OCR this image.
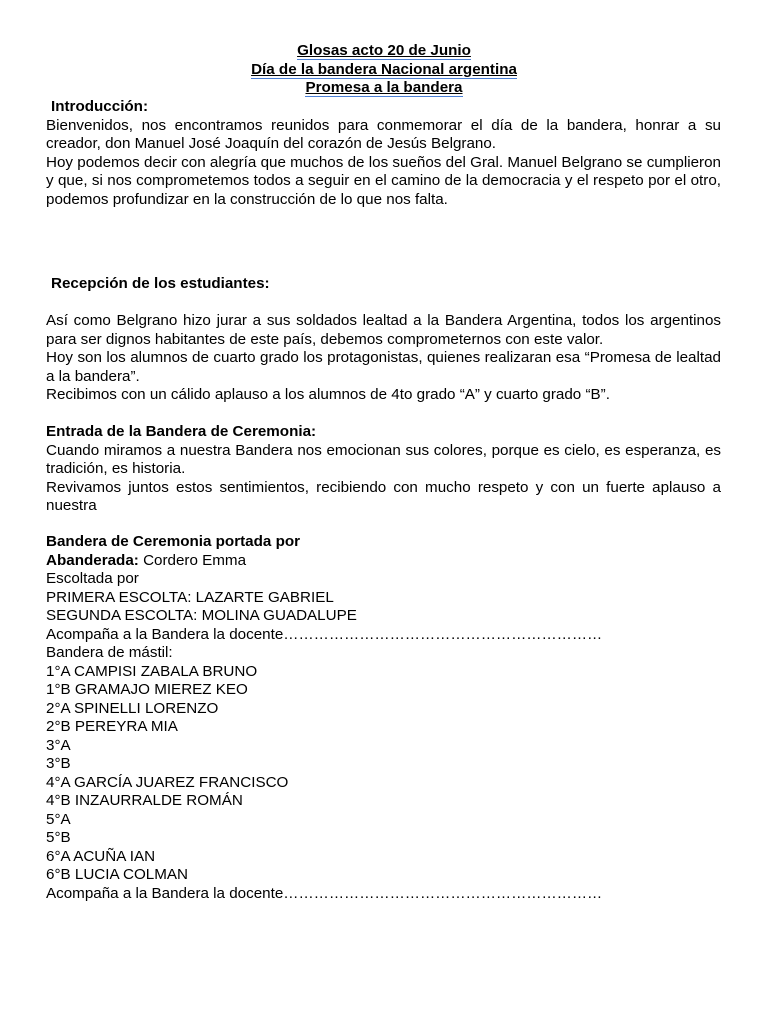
Glosas acto 20 de Junio
Día de la bandera Nacional argentina
Promesa a la bandera

Introducción:

Bienvenidos, nos encontramos reunidos para conmemorar el día de la bandera, honrar a su creador, don Manuel José Joaquín del corazón de Jesús Belgrano.

Hoy podemos decir con alegría que muchos de los sueños del Gral. Manuel Belgrano se cumplieron y que, si nos comprometemos todos a seguir en el camino de la democracia y el respeto por el otro, podemos profundizar en la construcción de lo que nos falta.

Recepción de los estudiantes:

Así como Belgrano hizo jurar a sus soldados lealtad a la Bandera Argentina, todos los argentinos para ser dignos habitantes de este país, debemos comprometernos con este valor.

Hoy son los alumnos de cuarto grado los protagonistas, quienes realizaran esa “Promesa de lealtad a la bandera”.

Recibimos con un cálido aplauso a los alumnos de 4to grado “A” y cuarto grado “B”.

Entrada de la Bandera de Ceremonia:

Cuando miramos a nuestra Bandera nos emocionan sus colores, porque es cielo, es esperanza, es tradición, es historia.

Revivamos juntos estos sentimientos, recibiendo con mucho respeto y con un fuerte aplauso a nuestra

Bandera de Ceremonia portada por

Abanderada: Cordero Emma

Escoltada por

PRIMERA ESCOLTA: LAZARTE GABRIEL

SEGUNDA ESCOLTA: MOLINA GUADALUPE

Acompaña a la Bandera la docente………………………………………………………

Bandera de mástil:

1°A CAMPISI ZABALA BRUNO

1°B GRAMAJO MIEREZ KEO

2°A SPINELLI LORENZO

2°B PEREYRA MIA

3°A

3°B

4°A GARCÍA JUAREZ FRANCISCO

4°B INZAURRALDE ROMÁN

5°A

5°B

6°A ACUÑA IAN

6°B LUCIA COLMAN

Acompaña a la Bandera la docente………………………………………………………
